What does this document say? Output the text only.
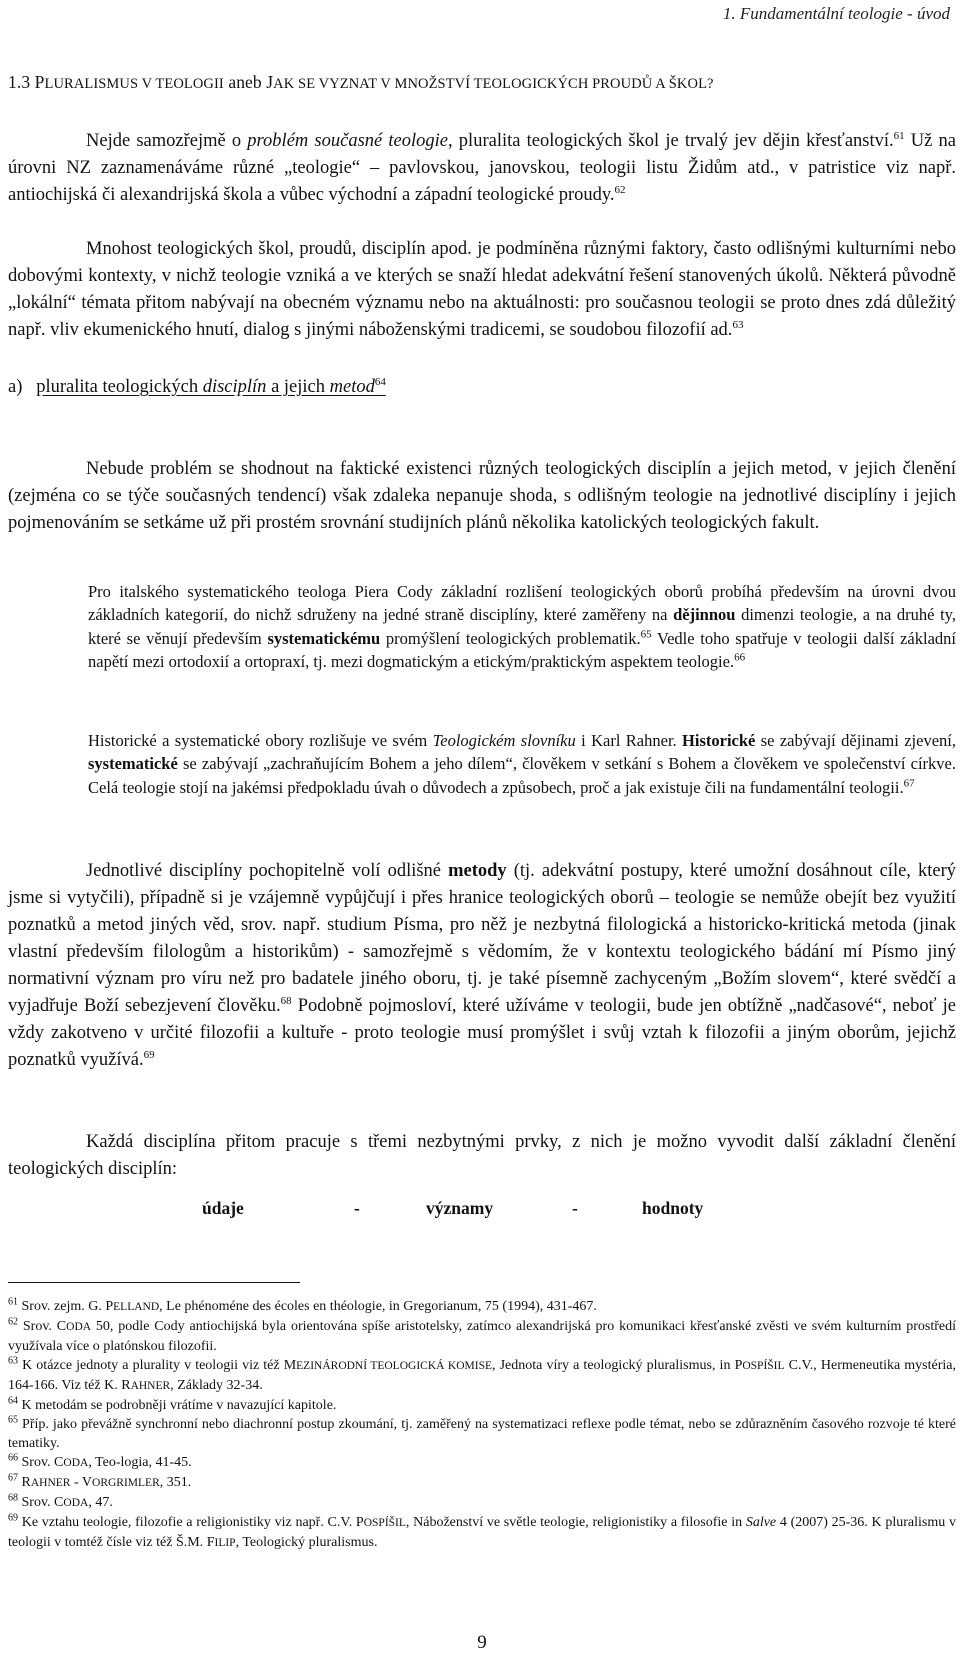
1. Fundamentální teologie - úvod
1.3 PLURALISMUS V TEOLOGII aneb JAK SE VYZNAT V MNOŽSTVÍ TEOLOGICKÝCH PROUDŮ A ŠKOL?
Nejde samozřejmě o problém současné teologie, pluralita teologických škol je trvalý jev dějin křesťanství.$^{61}$ Už na úrovni NZ zaznamenáváme různé „teologie“ – pavlovskou, janovskou, teologii listu Židům atd., v patristice viz např. antiochijská či alexandrijská škola a vůbec východní a západní teologické proudy.$^{62}$
Mnohost teologických škol, proudů, disciplín apod. je podmíněna různými faktory, často odlišnými kulturními nebo dobovými kontexty, v nichž teologie vzniká a ve kterých se snaží hledat adekvátní řešení stanovených úkolů. Některá původně „lokální“ témata přitom nabývají na obecném významu nebo na aktuálnosti: pro současnou teologii se proto dnes zdá důležitý např. vliv ekumenického hnutí, dialog s jinými náboženskými tradicemi, se soudobou filozofií ad.$^{63}$
a) pluralita teologických disciplín a jejich metod$^{64}$
Nebude problém se shodnout na faktické existenci různých teologických disciplín a jejich metod, v jejich členění (zejména co se týče současných tendencí) však zdaleka nepanuje shoda, s odlišným teologie na jednotlivé disciplíny i jejich pojmenováním se setkáme už při prostém srovnání studijních plánů několika katolických teologických fakult.
Pro italského systematického teologa Piera Cody základní rozlišení teologických oborů probíhá především na úrovni dvou základních kategorií, do nichž sdruženy na jedné straně disciplíny, které zaměřeny na dějinnou dimenzi teologie, a na druhé ty, které se věnují především systematickému promýšlení teologických problematik.$^{65}$ Vedle toho spatřuje v teologii další základní napětí mezi ortodoxií a ortopraxí, tj. mezi dogmatickým a etickým/praktickým aspektem teologie.$^{66}$
Historické a systematické obory rozlišuje ve svém Teologickém slovníku i Karl Rahner. Historické se zabývají dějinami zjevení, systematické se zabývají „zachraňujícím Bohem a jeho dílem“, člověkem v setkání s Bohem a člověkem ve společenství církve. Celá teologie stojí na jakémsi předpokladu úvah o důvodech a způsobech, proč a jak existuje čili na fundamentální teologii.$^{67}$
Jednotlivé disciplíny pochopitelně volí odlišné metody (tj. adekvátní postupy, které umožní dosáhnout cíle, který jsme si vytyčili), případně si je vzájemně vypůjčují i přes hranice teologických oborů – teologie se nemůže obejít bez využití poznatků a metod jiných věd, srov. např. studium Písma, pro něž je nezbytná filologická a historicko-kritická metoda (jinak vlastní především filologům a historikům) - samozřejmě s vědomím, že v kontextu teologického bádání mí Písmo jiný normativní význam pro víru než pro badatele jiného oboru, tj. je také písemně zachyceným „Božím slovem“, které svědčí a vyjadřuje Boží sebezjevení člověku.$^{68}$ Podobně pojmosloví, které užíváme v teologii, bude jen obtížně „nadčasové“, neboť je vždy zakotveno v určité filozofii a kultuře - proto teologie musí promýšlet i svůj vztah k filozofii a jiným oborům, jejichž poznatků využívá.$^{69}$
Každá disciplína přitom pracuje s třemi nezbytnými prvky, z nich je možno vyvodit další základní členění teologických disciplín:
údaje	-	významy	-	hodnoty

$^{61}$ Srov. zejm. G. PELLAND, Le phénoméne des écoles en théologie, in Gregorianum, 75 (1994), 431-467.

$^{62}$ Srov. CODA 50, podle Cody antiochijská byla orientována spíše aristotelsky, zatímco alexandrijská pro komunikaci křesťanské zvěsti ve svém kulturním prostředí využívala více o platónskou filozofii.

$^{63}$ K otázce jednoty a plurality v teologii viz též MEZINÁRODNÍ TEOLOGICKÁ KOMISE, Jednota víry a teologický pluralismus, in POSPÍŠIL C.V., Hermeneutika mystéria, 164-166. Viz též K. RAHNER, Základy 32-34.

$^{64}$ K metodám se podrobněji vrátíme v navazující kapitole.

$^{65}$ Příp. jako převážně synchronní nebo diachronní postup zkoumání, tj. zaměřený na systematizaci reflexe podle témat, nebo se zdůrazněním časového rozvoje té které tematiky.

$^{66}$ Srov. CODA, Teo-logia, 41-45.

$^{67}$ RAHNER - VORGRIMLER, 351.

$^{68}$ Srov. CODA, 47.

$^{69}$ Ke vztahu teologie, filozofie a religionistiky viz např. C.V. POSPÍŠIL, Náboženství ve světle teologie, religionistiky a filosofie in Salve 4 (2007) 25-36. K pluralismu v teologii v tomtéž čísle viz též Š.M. FILIP, Teologický pluralismus.

9
